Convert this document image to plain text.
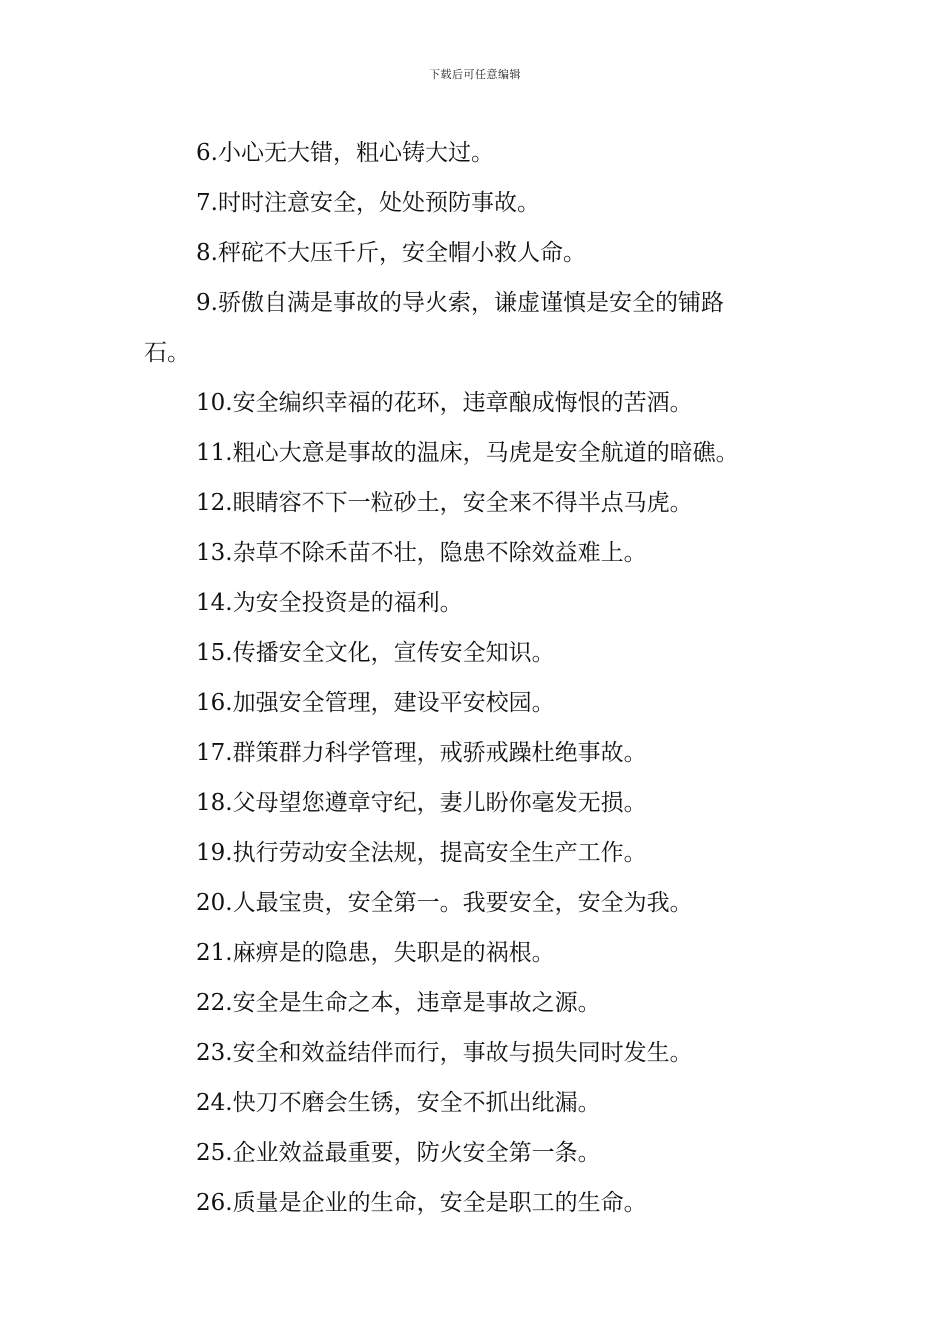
下载后可任意编辑

6.小心无大错，粗心铸大过。

7.时时注意安全，处处预防事故。

8.秤砣不大压千斤，安全帽小救人命。

9.骄傲自满是事故的导火索，谦虚谨慎是安全的铺路

石。

10.安全编织幸福的花环，违章酿成悔恨的苦酒。

11.粗心大意是事故的温床，马虎是安全航道的暗礁。

12.眼睛容不下一粒砂土，安全来不得半点马虎。

13.杂草不除禾苗不壮，隐患不除效益难上。

14.为安全投资是的福利。

15.传播安全文化，宣传安全知识。

16.加强安全管理，建设平安校园。

17.群策群力科学管理，戒骄戒躁杜绝事故。

18.父母望您遵章守纪，妻儿盼你毫发无损。

19.执行劳动安全法规，提高安全生产工作。

20.人最宝贵，安全第一。我要安全，安全为我。

21.麻痹是的隐患，失职是的祸根。

22.安全是生命之本，违章是事故之源。

23.安全和效益结伴而行，事故与损失同时发生。

24.快刀不磨会生锈，安全不抓出纰漏。

25.企业效益最重要，防火安全第一条。

26.质量是企业的生命，安全是职工的生命。
